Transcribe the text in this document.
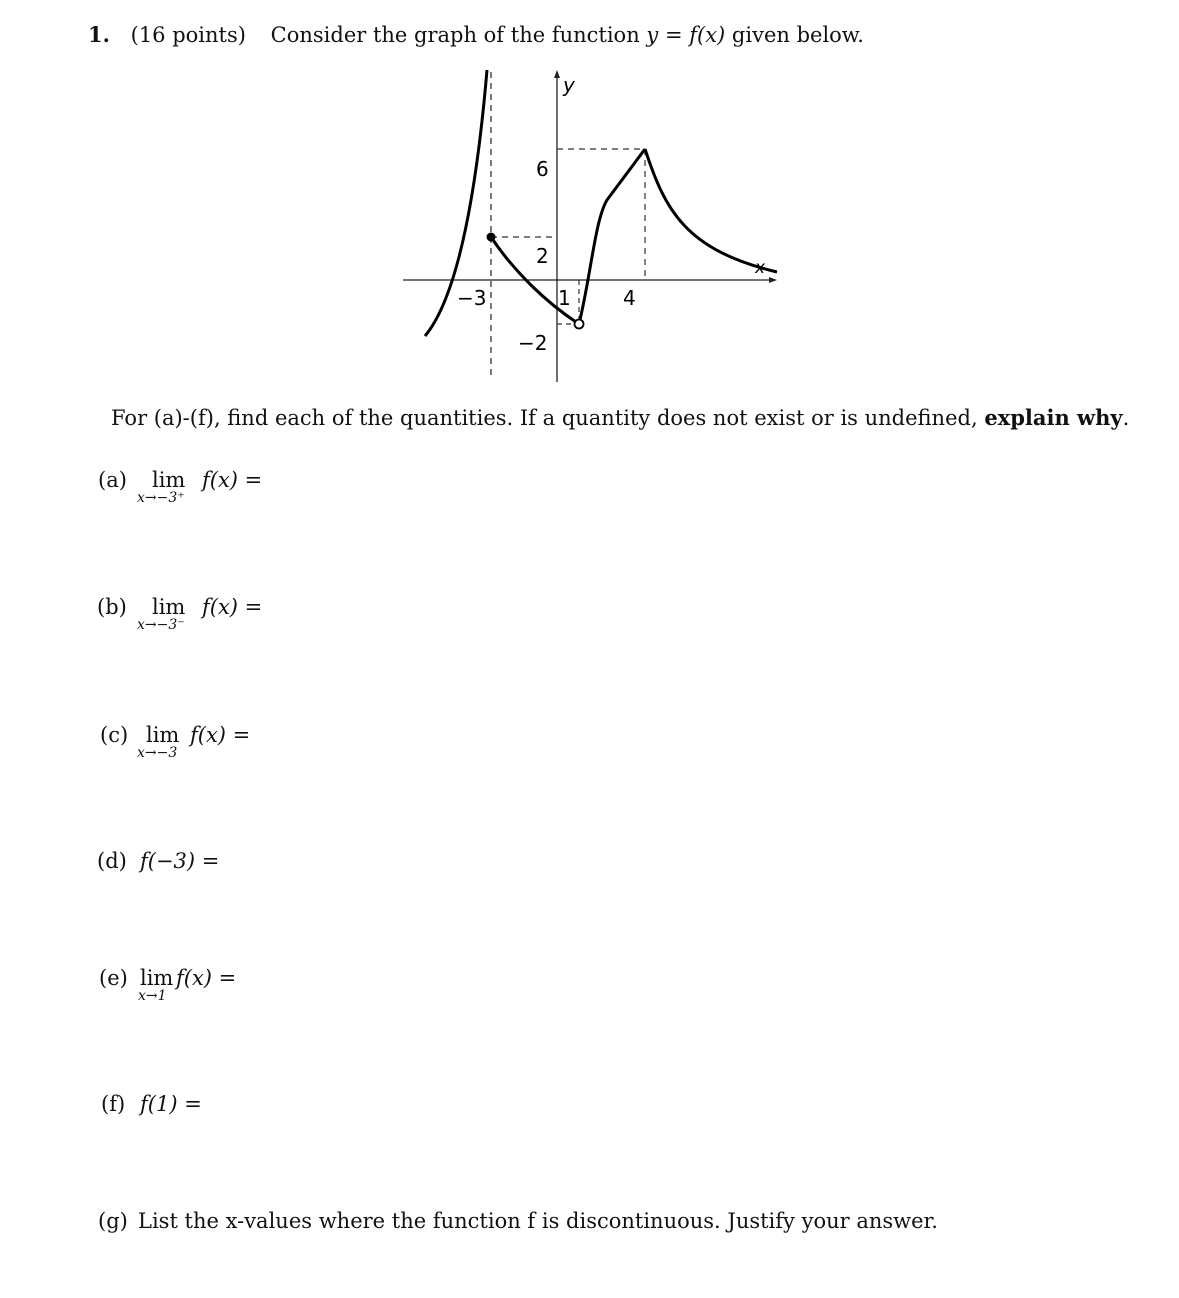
1. (16 points) Consider the graph of the function y = f(x) given below.
y
x
−3	1	4
6
2
−2
For (a)-(f), find each of the quantities. If a quantity does not exist or is undefined, explain why.
(a) lim
x→−3⁺
f(x) =
(b) lim
x→−3⁻
f(x) =
(c) lim
x→−3
f(x) =
(d) f(−3) =
(e) lim
x→1
f(x) =
(f) f(1) =
(g) List the x-values where the function f is discontinuous. Justify your answer.
